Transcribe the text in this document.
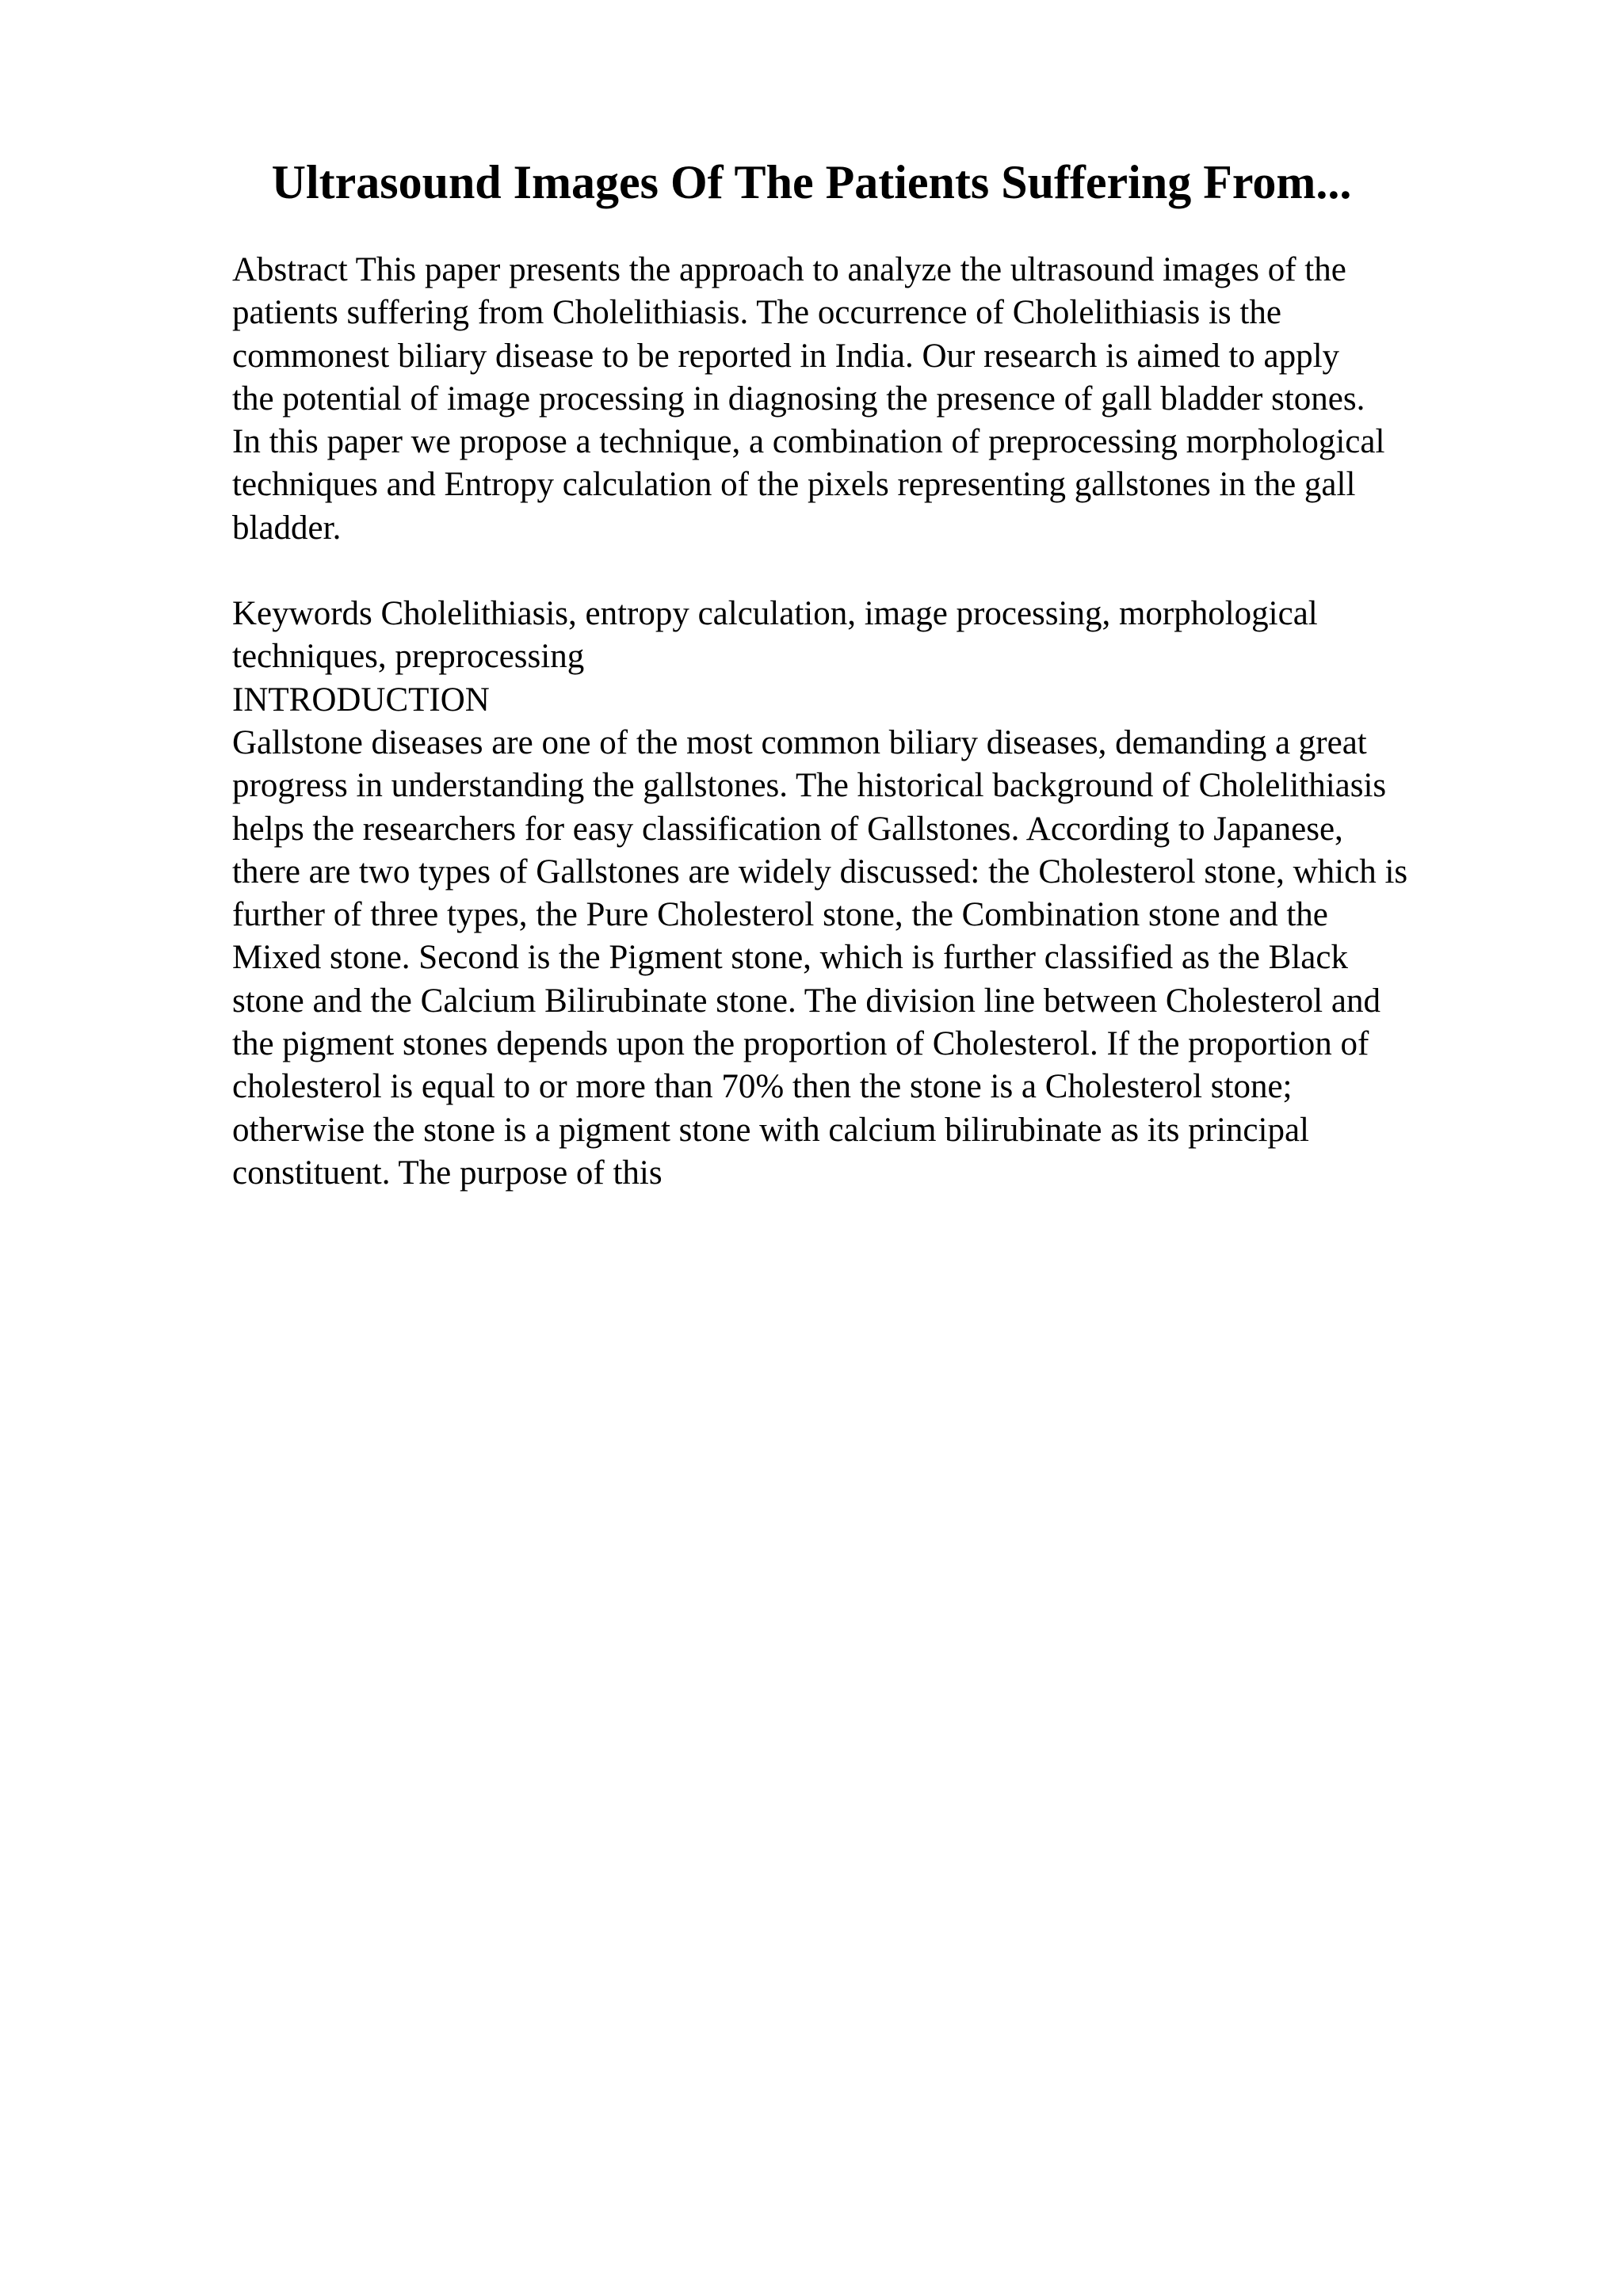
Ultrasound Images Of The Patients Suffering From...
Abstract This paper presents the approach to analyze the ultrasound images of the
patients suffering from Cholelithiasis. The occurrence of Cholelithiasis is the
commonest biliary disease to be reported in India. Our research is aimed to apply
the potential of image processing in diagnosing the presence of gall bladder stones.
In this paper we propose a technique, a combination of preprocessing morphological
techniques and Entropy calculation of the pixels representing gallstones in the gall
bladder.
Keywords Cholelithiasis, entropy calculation, image processing, morphological
techniques, preprocessing
INTRODUCTION
Gallstone diseases are one of the most common biliary diseases, demanding a great
progress in understanding the gallstones. The historical background of Cholelithiasis
helps the researchers for easy classification of Gallstones. According to Japanese,
there are two types of Gallstones are widely discussed: the Cholesterol stone, which is
further of three types, the Pure Cholesterol stone, the Combination stone and the
Mixed stone. Second is the Pigment stone, which is further classified as the Black
stone and the Calcium Bilirubinate stone. The division line between Cholesterol and
the pigment stones depends upon the proportion of Cholesterol. If the proportion of
cholesterol is equal to or more than 70% then the stone is a Cholesterol stone;
otherwise the stone is a pigment stone with calcium bilirubinate as its principal
constituent. The purpose of this
